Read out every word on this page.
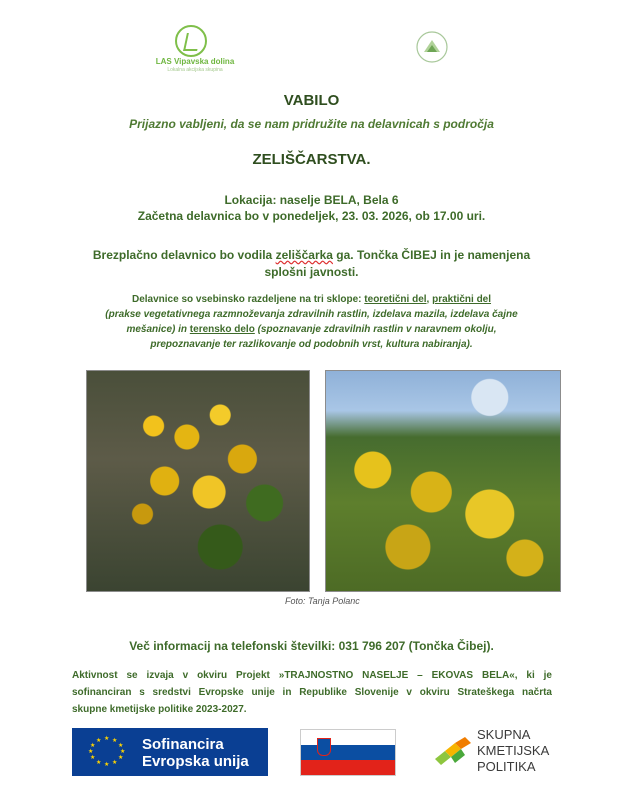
LAS Vipavska dolina
Lokalna akcijska skupina
VABILO
Prijazno vabljeni, da se nam pridružite na delavnicah s področja
ZELIŠČARSTVA.
Lokacija: naselje BELA, Bela 6
Začetna delavnica bo v ponedeljek, 23. 03. 2026, ob 17.00 uri.
Brezplačno delavnico bo vodila zeliščarka ga. Tončka ČIBEJ in je namenjena
splošni javnosti.
Delavnice so vsebinsko razdeljene na tri sklope: teoretični del, praktični del
(prakse vegetativnega razmnoževanja zdravilnih rastlin, izdelava mazila, izdelava čajne
mešanice) in terensko delo (spoznavanje zdravilnih rastlin v naravnem okolju,
prepoznavanje ter razlikovanje od podobnih vrst, kultura nabiranja).
Foto: Tanja Polanc
Več informacij na telefonski številki: 031 796 207 (Tončka Čibej).
Aktivnost se izvaja v okviru Projekt »TRAJNOSTNO NASELJE – EKOVAS BELA«, ki je
sofinanciran s sredstvi Evropske unije in Republike Slovenije v okviru Strateškega načrta
skupne kmetijske politike 2023-2027.
★ ★
★
★
★
★
★
★
★
★
★
★	Sofinancira
Evropska unija
SKUPNA
KMETIJSKA
POLITIKA
